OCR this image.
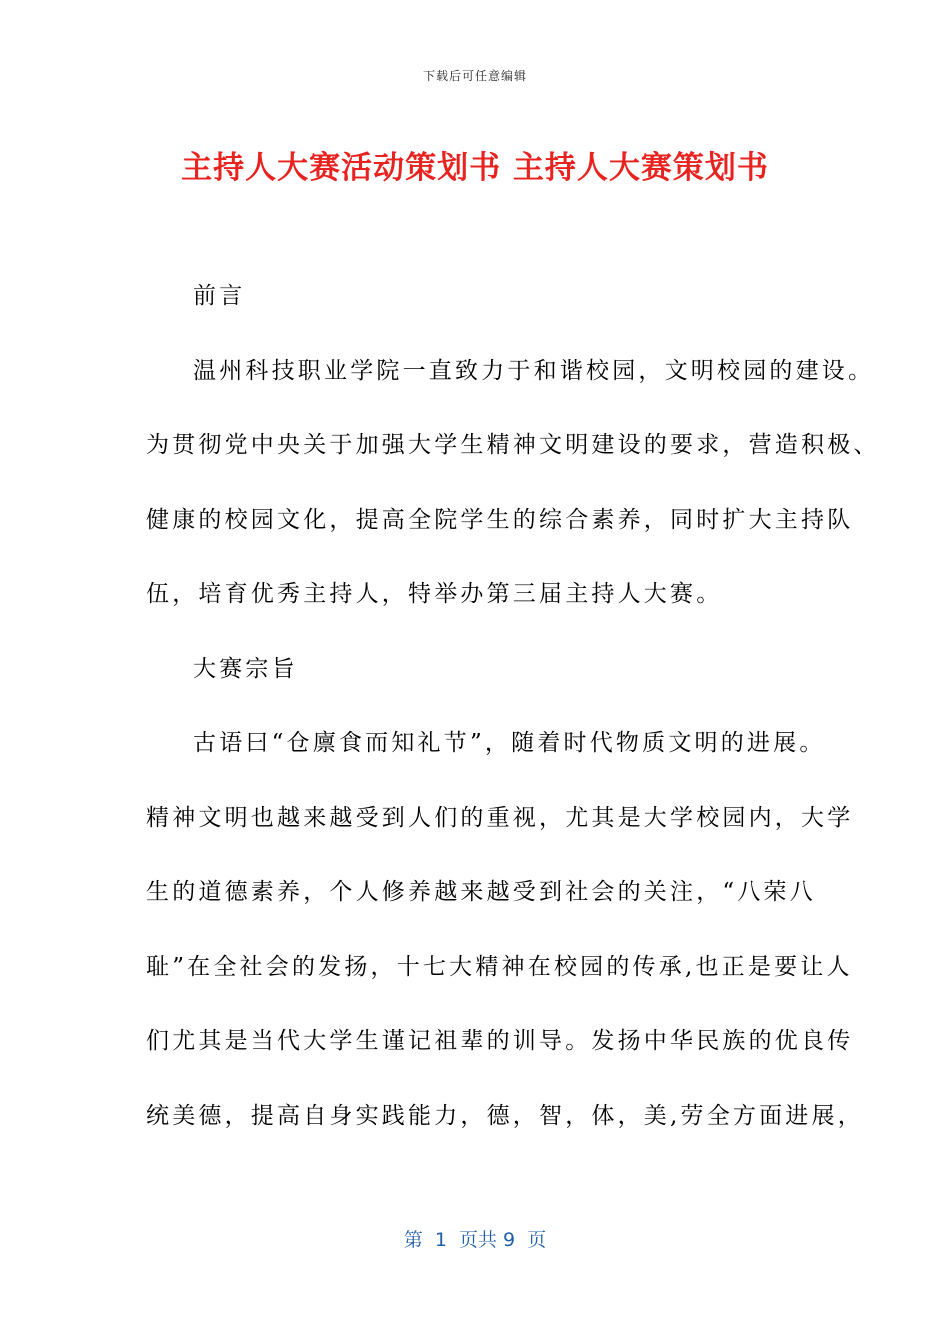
下载后可任意编辑
主持人大赛活动策划书 主持人大赛策划书
前言
温州科技职业学院一直致力于和谐校园，文明校园的建设。
为贯彻党中央关于加强大学生精神文明建设的要求，营造积极、
健康的校园文化，提高全院学生的综合素养，同时扩大主持队
伍，培育优秀主持人，特举办第三届主持人大赛。
大赛宗旨
古语曰“仓廪食而知礼节”，随着时代物质文明的进展。
精神文明也越来越受到人们的重视，尤其是大学校园内，大学
生的道德素养，个人修养越来越受到社会的关注，“八荣八
耻”在全社会的发扬，十七大精神在校园的传承,也正是要让人
们尤其是当代大学生谨记祖辈的训导。发扬中华民族的优良传
统美德，提高自身实践能力，德，智，体，美,劳全方面进展，
第  1  页共 9  页
